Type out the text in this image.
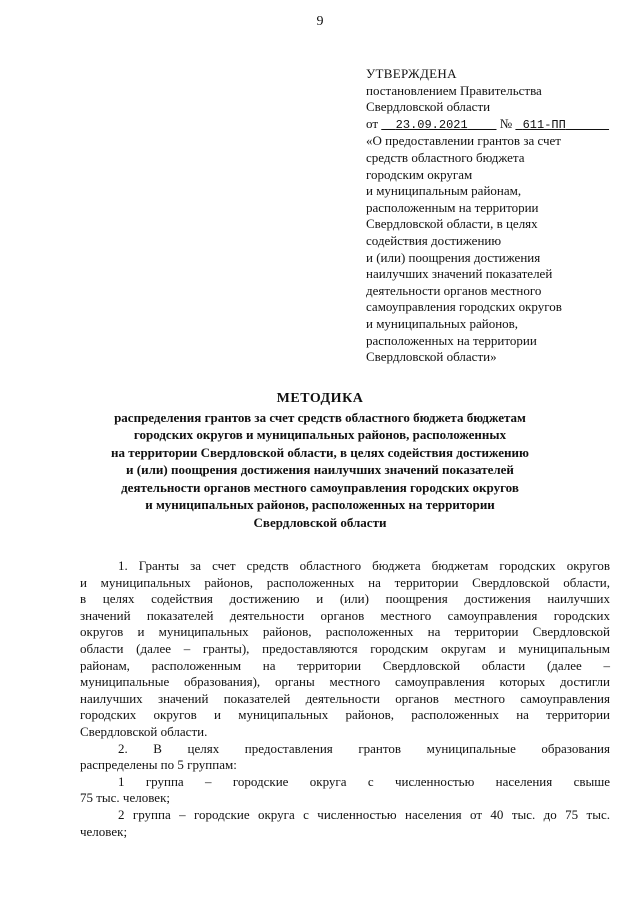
9
УТВЕРЖДЕНА
постановлением Правительства
Свердловской области
от 23.09.2021 № 611-ПП
«О предоставлении грантов за счет
средств областного бюджета
городским округам
и муниципальным районам,
расположенным на территории
Свердловской области, в целях
содействия достижению
и (или) поощрения достижения
наилучших значений показателей
деятельности органов местного
самоуправления городских округов
и муниципальных районов,
расположенных на территории
Свердловской области»
МЕТОДИКА
распределения грантов за счет средств областного бюджета бюджетам
городских округов и муниципальных районов, расположенных
на территории Свердловской области, в целях содействия достижению
и (или) поощрения достижения наилучших значений показателей
деятельности органов местного самоуправления городских округов
и муниципальных районов, расположенных на территории
Свердловской области
1. Гранты за счет средств областного бюджета бюджетам городских округов
и муниципальных районов, расположенных на территории Свердловской области,
в целях содействия достижению и (или) поощрения достижения наилучших
значений показателей деятельности органов местного самоуправления городских
округов и муниципальных районов, расположенных на территории Свердловской
области (далее – гранты), предоставляются городским округам и муниципальным
районам, расположенным на территории Свердловской области (далее –
муниципальные образования), органы местного самоуправления которых достигли
наилучших значений показателей деятельности органов местного самоуправления
городских округов и муниципальных районов, расположенных на территории
Свердловской области.
2. В целях предоставления грантов муниципальные образования
распределены по 5 группам:
1 группа – городские округа с численностью населения свыше
75 тыс. человек;
2 группа – городские округа с численностью населения от 40 тыс. до 75 тыс.
человек;
